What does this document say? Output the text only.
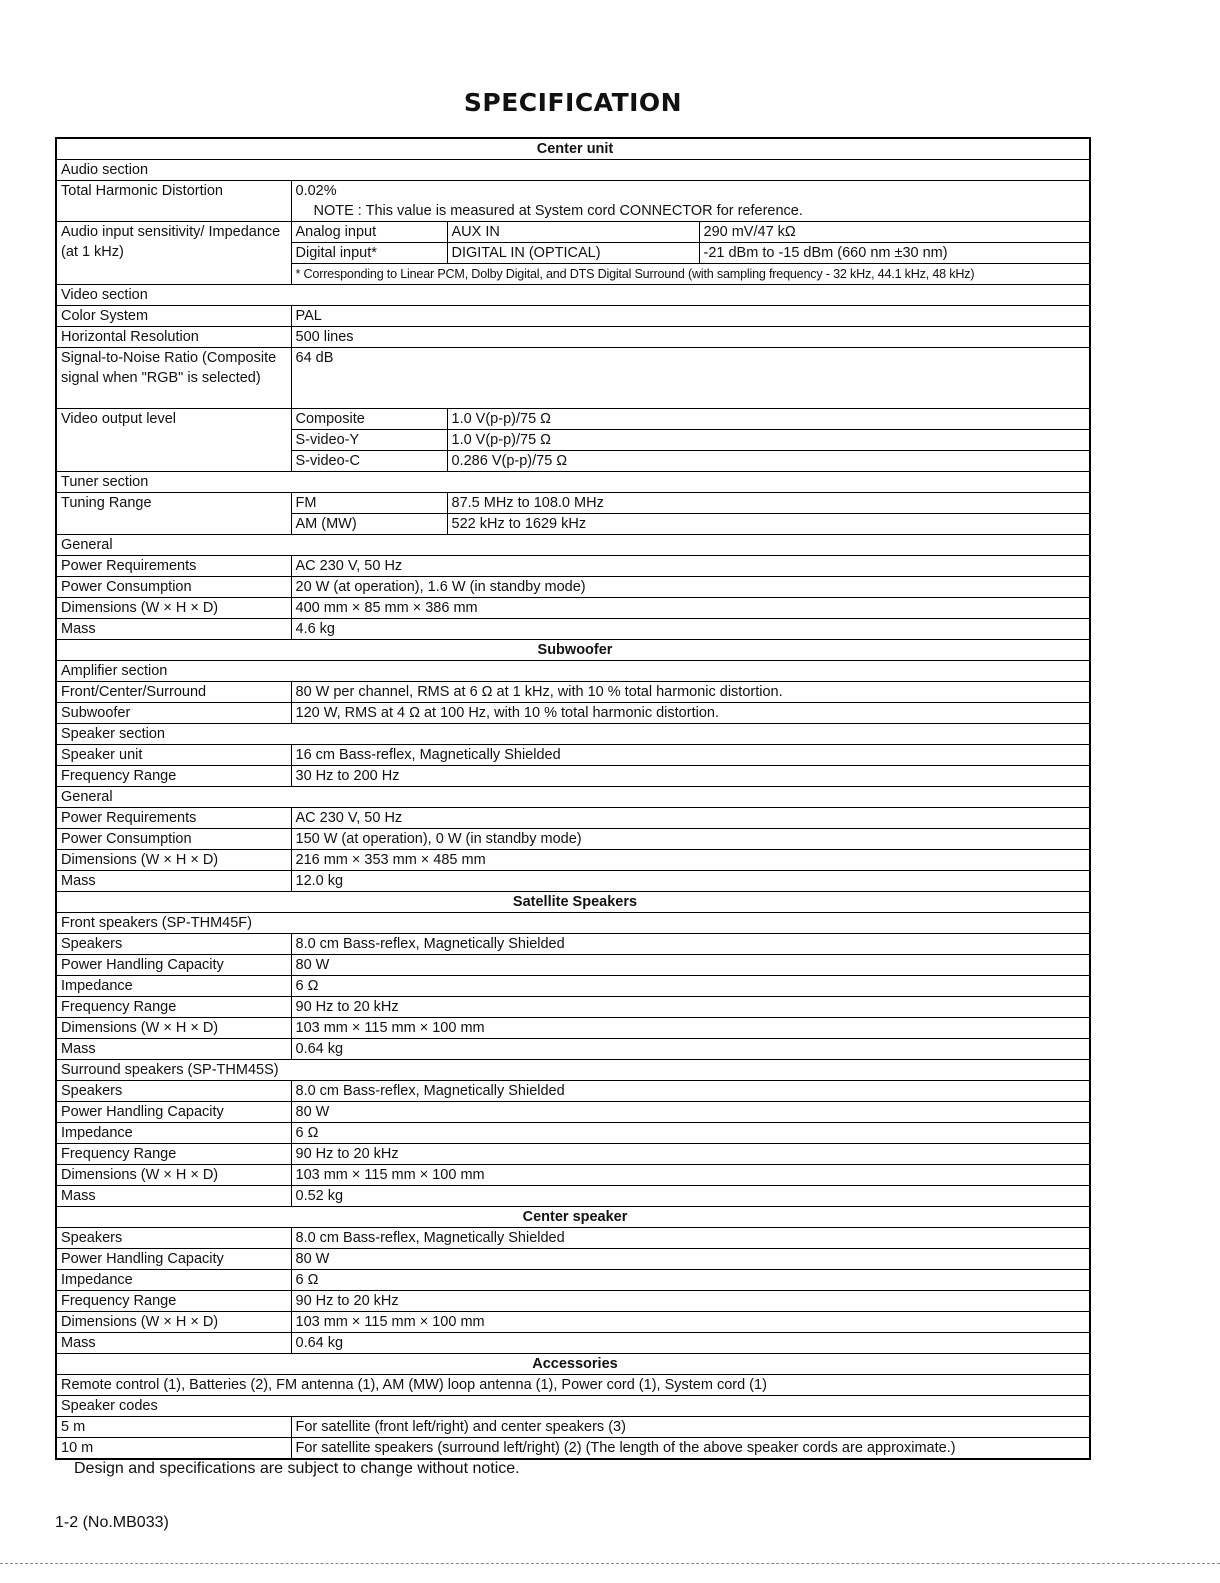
SPECIFICATION
Center unit			
Audio section			
Total Harmonic Distortion	0.02%		
	NOTE : This value is measured at System cord CONNECTOR for reference.		
Audio input sensitivity/ Impedance (at 1 kHz)	Analog input	AUX IN	290 mV/47 kΩ
	Digital input*	DIGITAL IN (OPTICAL)	-21 dBm to -15 dBm (660 nm ±30 nm)
	* Corresponding to Linear PCM, Dolby Digital, and DTS Digital Surround (with sampling frequency - 32 kHz, 44.1 kHz, 48 kHz)		
Video section			
Color System	PAL		
Horizontal Resolution	500 lines		
Signal-to-Noise Ratio (Composite signal when "RGB" is selected)	64 dB		
Video output level	Composite	1.0 V(p-p)/75 Ω	
	S-video-Y	1.0 V(p-p)/75 Ω	
	S-video-C	0.286 V(p-p)/75 Ω	
Tuner section			
Tuning Range	FM	87.5 MHz to 108.0 MHz	
	AM (MW)	522 kHz to 1629 kHz	
General			
Power Requirements	AC 230 V, 50 Hz		
Power Consumption	20 W (at operation), 1.6 W (in standby mode)		
Dimensions (W × H × D)	400 mm × 85 mm × 386 mm		
Mass	4.6 kg		
Subwoofer			
Amplifier section			
Front/Center/Surround	80 W per channel, RMS at 6 Ω at 1 kHz, with 10 % total harmonic distortion.		
Subwoofer	120 W, RMS at 4 Ω at 100 Hz, with 10 % total harmonic distortion.		
Speaker section			
Speaker unit	16 cm Bass-reflex, Magnetically Shielded		
Frequency Range	30 Hz to 200 Hz		
General			
Power Requirements	AC 230 V, 50 Hz		
Power Consumption	150 W (at operation), 0 W (in standby mode)		
Dimensions (W × H × D)	216 mm × 353 mm × 485 mm		
Mass	12.0 kg		
Satellite Speakers			
Front speakers (SP-THM45F)			
Speakers	8.0 cm Bass-reflex, Magnetically Shielded		
Power Handling Capacity	80 W		
Impedance	6 Ω		
Frequency Range	90 Hz to 20 kHz		
Dimensions (W × H × D)	103 mm × 115 mm × 100 mm		
Mass	0.64 kg		
Surround speakers (SP-THM45S)			
Speakers	8.0 cm Bass-reflex, Magnetically Shielded		
Power Handling Capacity	80 W		
Impedance	6 Ω		
Frequency Range	90 Hz to 20 kHz		
Dimensions (W × H × D)	103 mm × 115 mm × 100 mm		
Mass	0.52 kg		
Center speaker			
Speakers	8.0 cm Bass-reflex, Magnetically Shielded		
Power Handling Capacity	80 W		
Impedance	6 Ω		
Frequency Range	90 Hz to 20 kHz		
Dimensions (W × H × D)	103 mm × 115 mm × 100 mm		
Mass	0.64 kg		
Accessories			
Remote control (1), Batteries (2), FM antenna (1), AM (MW) loop antenna (1), Power cord (1), System cord (1)			
Speaker codes			
5 m	For satellite (front left/right) and center speakers (3)		
10 m	For satellite speakers (surround left/right) (2) (The length of the above speaker cords are approximate.)		
Design and specifications are subject to change without notice.
1-2 (No.MB033)
